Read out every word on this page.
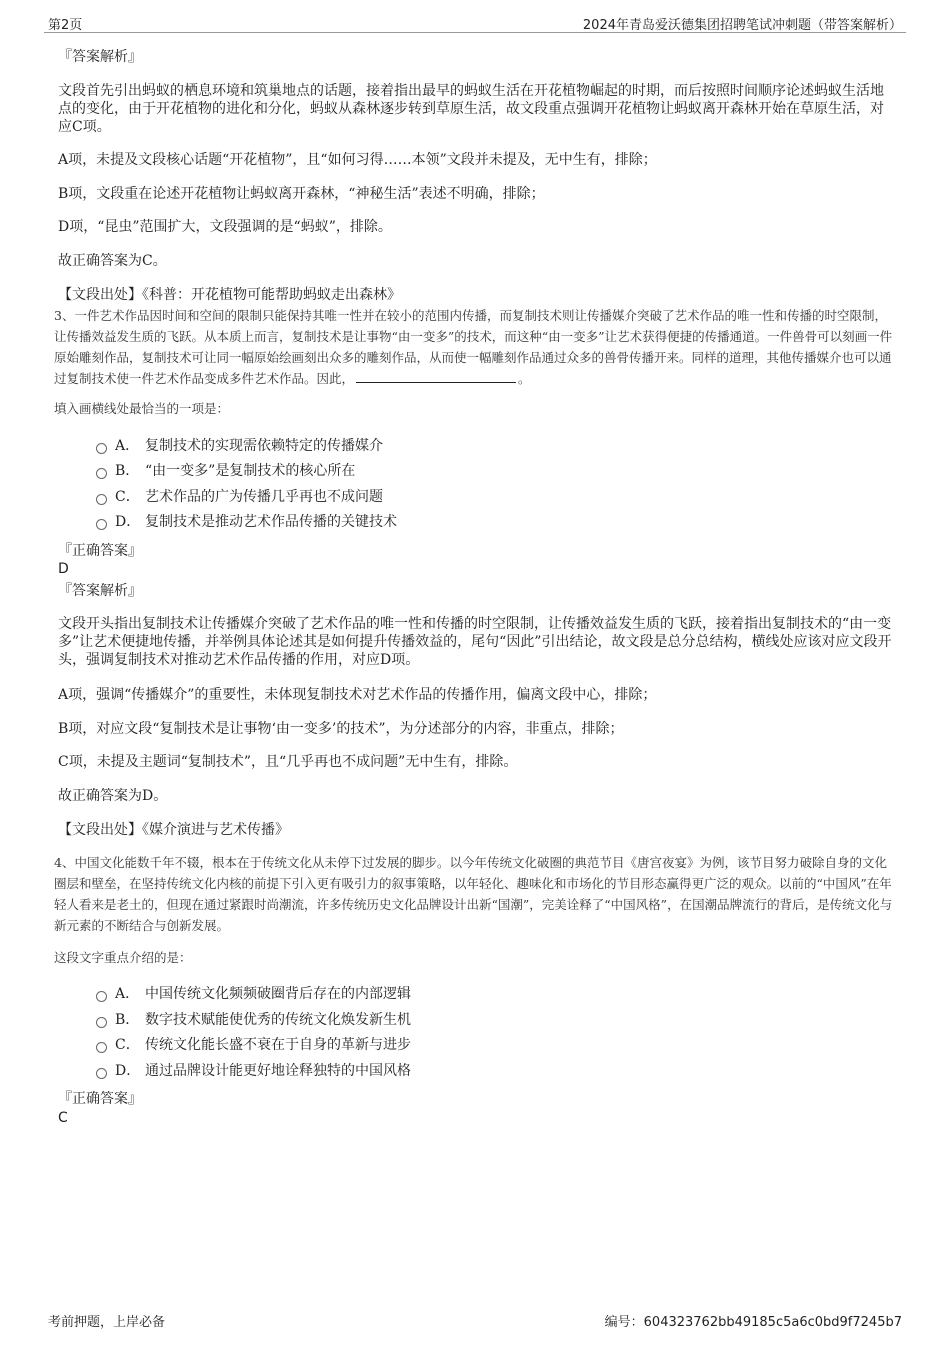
第2页	2024年青岛爱沃德集团招聘笔试冲刺题（带答案解析）
『答案解析』
文段首先引出蚂蚁的栖息环境和筑巢地点的话题，接着指出最早的蚂蚁生活在开花植物崛起的时期，而后按照时间顺序论述蚂蚁生活地点的变化，由于开花植物的进化和分化，蚂蚁从森林逐步转到草原生活，故文段重点强调开花植物让蚂蚁离开森林开始在草原生活，对应C项。
A项，未提及文段核心话题“开花植物”，且“如何习得……本领”文段并未提及，无中生有，排除；
B项，文段重在论述开花植物让蚂蚁离开森林，“神秘生活”表述不明确，排除；
D项，“昆虫”范围扩大，文段强调的是“蚂蚁”，排除。
故正确答案为C。
【文段出处】《科普：开花植物可能帮助蚂蚁走出森林》
3、一件艺术作品因时间和空间的限制只能保持其唯一性并在较小的范围内传播，而复制技术则让传播媒介突破了艺术作品的唯一性和传播的时空限制，让传播效益发生质的飞跃。从本质上而言，复制技术是让事物“由一变多”的技术，而这种“由一变多”让艺术获得便捷的传播通道。一件兽骨可以刻画一件原始雕刻作品，复制技术可让同一幅原始绘画刻出众多的雕刻作品，从而使一幅雕刻作品通过众多的兽骨传播开来。同样的道理，其他传播媒介也可以通过复制技术使一件艺术作品变成多件艺术作品。因此，	。
填入画横线处最恰当的一项是：
A． 复制技术的实现需依赖特定的传播媒介
B． “由一变多”是复制技术的核心所在
C． 艺术作品的广为传播几乎再也不成问题
D． 复制技术是推动艺术作品传播的关键技术
『正确答案』
D
『答案解析』
文段开头指出复制技术让传播媒介突破了艺术作品的唯一性和传播的时空限制，让传播效益发生质的飞跃，接着指出复制技术的“由一变多”让艺术便捷地传播，并举例具体论述其是如何提升传播效益的，尾句“因此”引出结论，故文段是总分总结构，横线处应该对应文段开头，强调复制技术对推动艺术作品传播的作用，对应D项。
A项，强调“传播媒介”的重要性，未体现复制技术对艺术作品的传播作用，偏离文段中心，排除；
B项，对应文段“复制技术是让事物‘由一变多’的技术”，为分述部分的内容，非重点，排除；
C项，未提及主题词“复制技术”，且“几乎再也不成问题”无中生有，排除。
故正确答案为D。
【文段出处】《媒介演进与艺术传播》
4、中国文化能数千年不辍，根本在于传统文化从未停下过发展的脚步。以今年传统文化破圈的典范节目《唐宫夜宴》为例，该节目努力破除自身的文化圈层和壁垒，在坚持传统文化内核的前提下引入更有吸引力的叙事策略，以年轻化、趣味化和市场化的节目形态赢得更广泛的观众。以前的“中国风”在年轻人看来是老土的，但现在通过紧跟时尚潮流，许多传统历史文化品牌设计出新“国潮”，完美诠释了“中国风格”，在国潮品牌流行的背后，是传统文化与新元素的不断结合与创新发展。
这段文字重点介绍的是：
A． 中国传统文化频频破圈背后存在的内部逻辑
B． 数字技术赋能使优秀的传统文化焕发新生机
C． 传统文化能长盛不衰在于自身的革新与进步
D． 通过品牌设计能更好地诠释独特的中国风格
『正确答案』
C
考前押题，上岸必备	编号：604323762bb49185c5a6c0bd9f7245b7
